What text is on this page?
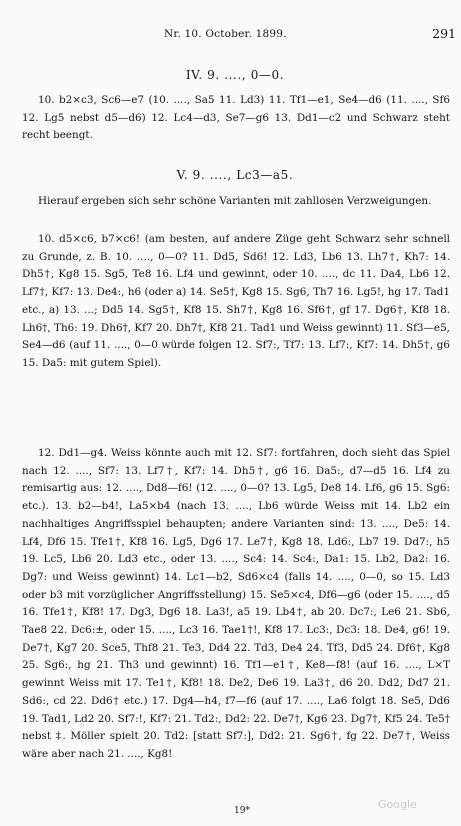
Nr. 10. October. 1899.	291
IV. 9. ...., 0—0.

10. b2×c3, Sc6—e7 (10. ...., Sa5 11. Ld3) 11. Tf1—e1, Se4—d6 (11. ...., Sf6 12. Lg5 nebst d5—d6) 12. Lc4—d3, Se7—g6 13. Dd1—c2 und Schwarz steht recht beengt.

V. 9. ...., Lc3—a5.

Hierauf ergeben sich sehr schöne Varianten mit zahllosen Verzweigungen.

10. d5×c6, b7×c6! (am besten, auf andere Züge geht Schwarz sehr schnell zu Grunde, z. B. 10. ...., 0—0? 11. Dd5, Sd6! 12. Ld3, Lb6 13. Lh7†, Kh7: 14. Dh5†, Kg8 15. Sg5, Te8 16. Lf4 und gewinnt, oder 10. ...., dc 11. Da4, Lb6 12. Lf7†, Kf7: 13. De4:, h6 (oder a) 14. Se5†, Kg8 15. Sg6, Th7 16. Lg5!, hg 17. Tad1 etc., a) 13. ...; Dd5 14. Sg5†, Kf8 15. Sh7†, Kg8 16. Sf6†, gf 17. Dg6†, Kf8 18. Lh6†, Th6: 19. Dh6†, Kf7 20. Dh7†, Kf8 21. Tad1 und Weiss gewinnt) 11. Sf3—e5, Se4—d6 (auf 11. ...., 0—0 würde folgen 12. Sf7:, Tf7: 13. Lf7:, Kf7: 14. Dh5†, g6 15. Da5: mit gutem Spiel).

12. Dd1—g4. Weiss könnte auch mit 12. Sf7: fortfahren, doch sieht das Spiel nach 12. ...., Sf7: 13. Lf7†, Kf7: 14. Dh5†, g6 16. Da5:, d7—d5 16. Lf4 zu remisartig aus: 12. ...., Dd8—f6! (12. ...., 0—0? 13. Lg5, De8 14. Lf6, g6 15. Sg6: etc.). 13. b2—b4!, La5×b4 (nach 13. ...., Lb6 würde Weiss mit 14. Lb2 ein nachhaltiges Angriffsspiel behaupten; andere Varianten sind: 13. ...., De5: 14. Lf4, Df6 15. Tfe1†, Kf8 16. Lg5, Dg6 17. Le7†, Kg8 18. Ld6:, Lb7 19. Dd7:, h5 19. Lc5, Lb6 20. Ld3 etc., oder 13. ...., Sc4: 14. Sc4:, Da1: 15. Lb2, Da2: 16. Dg7: und Weiss gewinnt) 14. Lc1—b2, Sd6×c4 (falls 14. ...., 0—0, so 15. Ld3 oder b3 mit vorzüglicher Angriffsstellung) 15. Se5×c4, Df6—g6 (oder 15. ...., d5 16. Tfe1†, Kf8! 17. Dg3, Dg6 18. La3!, a5 19. Lb4†, ab 20. Dc7:, Le6 21. Sb6, Tae8 22. Dc6:±, oder 15. ...., Lc3 16. Tae1†!, Kf8 17. Lc3:, Dc3: 18. De4, g6! 19. De7†, Kg7 20. Sce5, Thf8 21. Te3, Dd4 22. Td3, De4 24. Tf3, Dd5 24. Df6†, Kg8 25. Sg6:, hg 21. Th3 und gewinnt) 16. Tf1—e1†, Ke8—f8! (auf 16. ...., L×T gewinnt Weiss mit 17. Te1†, Kf8! 18. De2, De6 19. La3†, d6 20. Dd2, Dd7 21. Sd6:, cd 22. Dd6† etc.) 17. Dg4—h4, f7—f6 (auf 17. ...., La6 folgt 18. Se5, Dd6 19. Tad1, Ld2 20. Sf7:!, Kf7: 21. Td2:, Dd2: 22. De7†, Kg6 23. Dg7†, Kf5 24. Te5† nebst ‡. Möller spielt 20. Td2: [statt Sf7:], Dd2: 21. Sg6†, fg 22. De7†, Weiss wäre aber nach 21. ...., Kg8!

19*	Google
